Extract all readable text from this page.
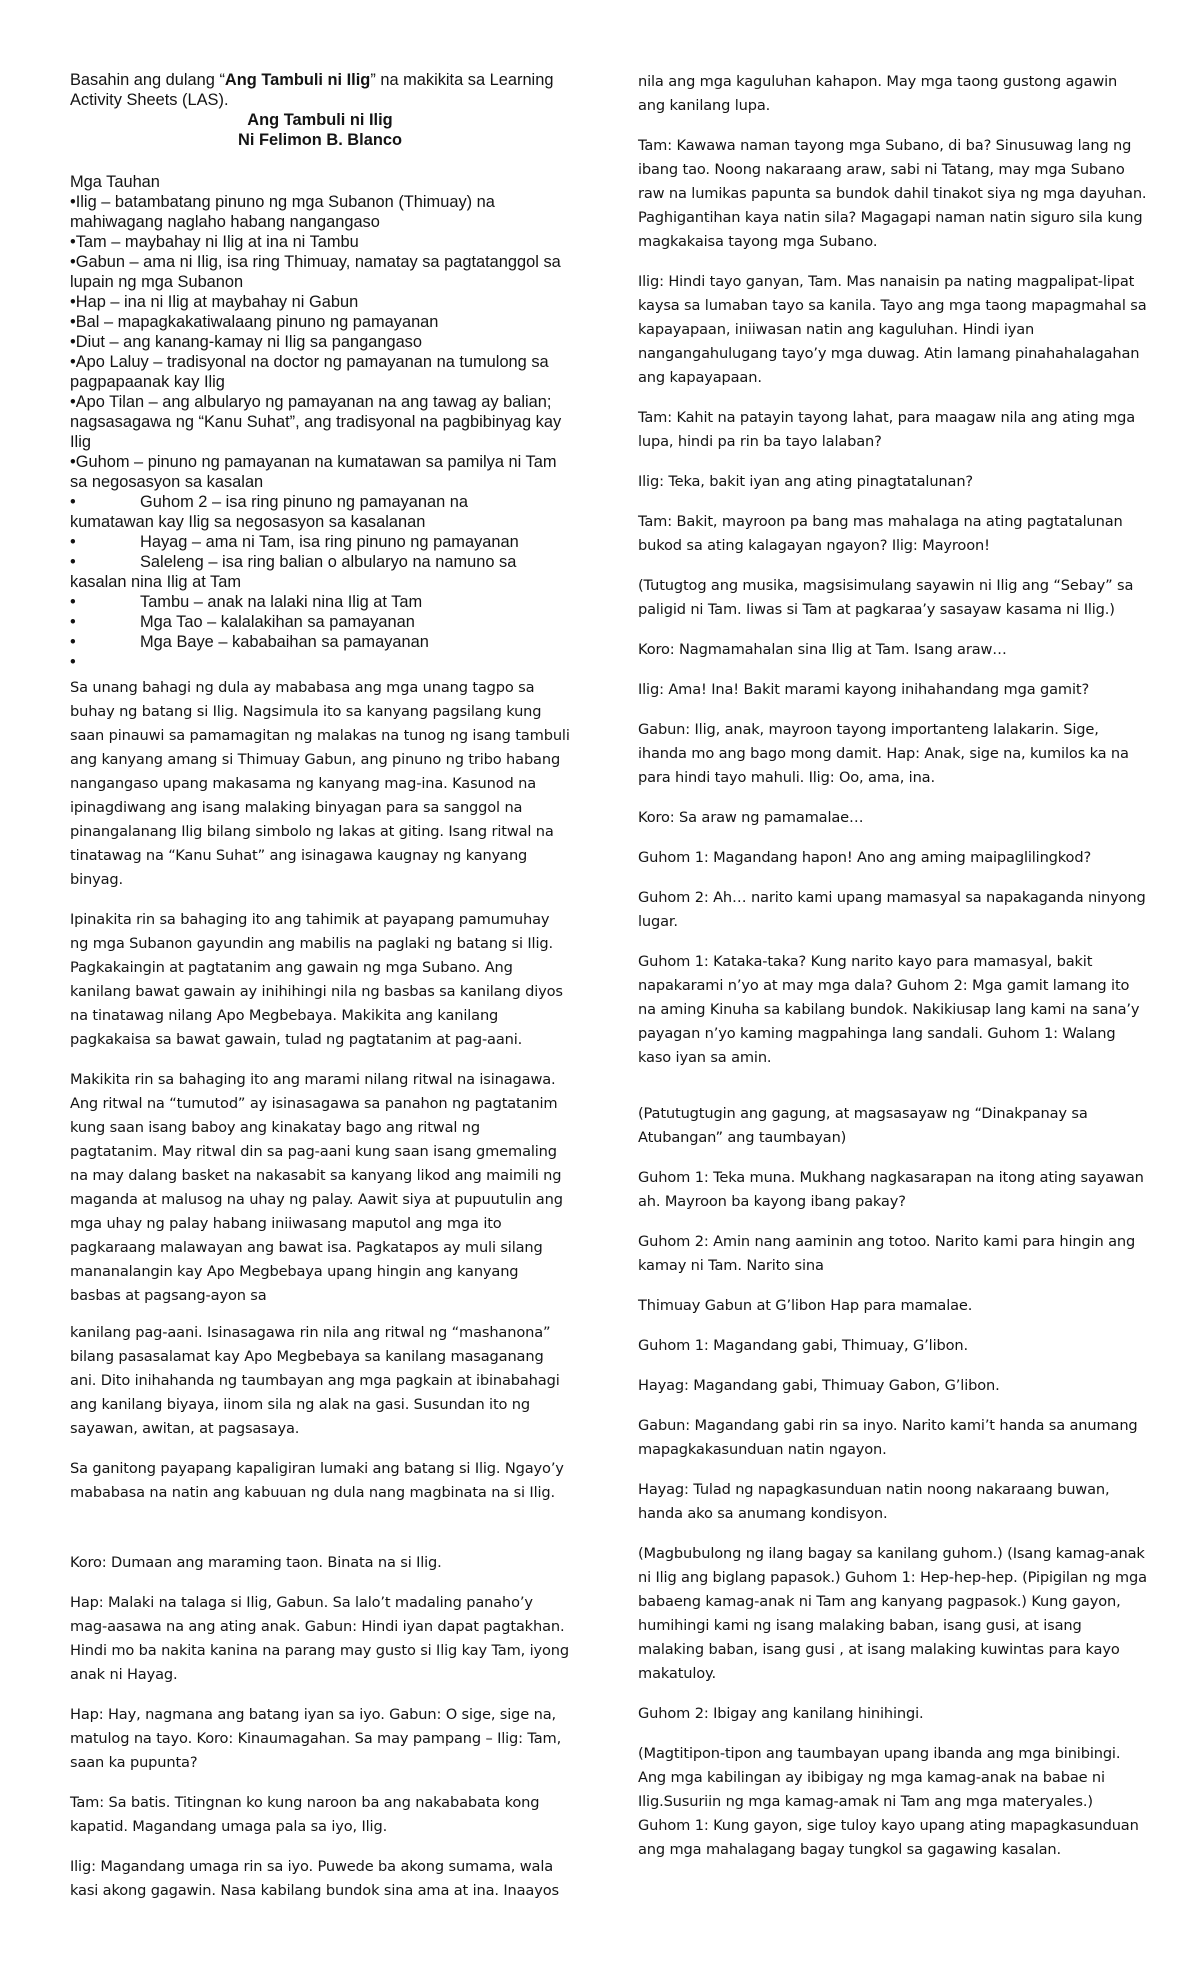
Basahin ang dulang “Ang Tambuli ni Ilig” na makikita sa Learning Activity Sheets (LAS).

Ang Tambuli ni Ilig

Ni Felimon B. Blanco

Mga Tauhan

•Ilig – batambatang pinuno ng mga Subanon (Thimuay) na mahiwagang naglaho habang nangangaso

•Tam – maybahay ni Ilig at ina ni Tambu

•Gabun – ama ni Ilig, isa ring Thimuay, namatay sa pagtatanggol sa lupain ng mga Subanon

•Hap – ina ni Ilig at maybahay ni Gabun

•Bal – mapagkakatiwalaang pinuno ng pamayanan

•Diut – ang kanang-kamay ni Ilig sa pangangaso

•Apo Laluy – tradisyonal na doctor ng pamayanan na tumulong sa pagpapaanak kay Ilig

•Apo Tilan – ang albularyo ng pamayanan na ang tawag ay balian; nagsasagawa ng “Kanu Suhat”, ang tradisyonal na pagbibinyag kay Ilig

•Guhom – pinuno ng pamayanan na kumatawan sa pamilya ni Tam sa negosasyon sa kasalan

•	Guhom 2 – isa ring pinuno ng pamayanan na
kumatawan kay Ilig sa negosasyon sa kasalanan
•	Hayag – ama ni Tam, isa ring pinuno ng pamayanan
•	Saleleng – isa ring balian o albularyo na namuno sa
kasalan nina Ilig at Tam
•	Tambu – anak na lalaki nina Ilig at Tam
•	Mga Tao – kalalakihan sa pamayanan
•	Mga Baye – kababaihan sa pamayanan
•

Sa unang bahagi ng dula ay mababasa ang mga unang tagpo sa buhay ng batang si Ilig. Nagsimula ito sa kanyang pagsilang kung saan pinauwi sa pamamagitan ng malakas na tunog ng isang tambuli ang kanyang amang si Thimuay Gabun, ang pinuno ng tribo habang nangangaso upang makasama ng kanyang mag-ina. Kasunod na ipinagdiwang ang isang malaking binyagan para sa sanggol na pinangalanang Ilig bilang simbolo ng lakas at giting. Isang ritwal na tinatawag na “Kanu Suhat” ang isinagawa kaugnay ng kanyang binyag.

Ipinakita rin sa bahaging ito ang tahimik at payapang pamumuhay ng mga Subanon gayundin ang mabilis na paglaki ng batang si Ilig. Pagkakaingin at pagtatanim ang gawain ng mga Subano. Ang kanilang bawat gawain ay inihihingi nila ng basbas sa kanilang diyos na tinatawag nilang Apo Megbebaya. Makikita ang kanilang pagkakaisa sa bawat gawain, tulad ng pagtatanim at pag-aani.

Makikita rin sa bahaging ito ang marami nilang ritwal na isinagawa. Ang ritwal na “tumutod” ay isinasagawa sa panahon ng pagtatanim kung saan isang baboy ang kinakatay bago ang ritwal ng pagtatanim. May ritwal din sa pag-aani kung saan isang gmemaling na may dalang basket na nakasabit sa kanyang likod ang maimili ng maganda at malusog na uhay ng palay. Aawit siya at pupuutulin ang mga uhay ng palay habang iniiwasang maputol ang mga ito pagkaraang malawayan ang bawat isa. Pagkatapos ay muli silang mananalangin kay Apo Megbebaya upang hingin ang kanyang basbas at pagsang-ayon sa

kanilang pag-aani. Isinasagawa rin nila ang ritwal ng “mashanona” bilang pasasalamat kay Apo Megbebaya sa kanilang masaganang ani. Dito inihahanda ng taumbayan ang mga pagkain at ibinabahagi ang kanilang biyaya, iinom sila ng alak na gasi. Susundan ito ng sayawan, awitan, at pagsasaya.

Sa ganitong payapang kapaligiran lumaki ang batang si Ilig. Ngayo’y mababasa na natin ang kabuuan ng dula nang magbinata na si Ilig.

Koro: Dumaan ang maraming taon. Binata na si Ilig.

Hap: Malaki na talaga si Ilig, Gabun. Sa lalo’t madaling panaho’y mag-aasawa na ang ating anak. Gabun: Hindi iyan dapat pagtakhan. Hindi mo ba nakita kanina na parang may gusto si Ilig kay Tam, iyong anak ni Hayag.

Hap: Hay, nagmana ang batang iyan sa iyo. Gabun: O sige, sige na, matulog na tayo. Koro: Kinaumagahan. Sa may pampang – Ilig: Tam, saan ka pupunta?

Tam: Sa batis. Titingnan ko kung naroon ba ang nakababata kong kapatid. Magandang umaga pala sa iyo, Ilig.

Ilig: Magandang umaga rin sa iyo. Puwede ba akong sumama, wala kasi akong gagawin. Nasa kabilang bundok sina ama at ina. Inaayos

nila ang mga kaguluhan kahapon. May mga taong gustong agawin ang kanilang lupa.

Tam: Kawawa naman tayong mga Subano, di ba? Sinusuwag lang ng ibang tao. Noong nakaraang araw, sabi ni Tatang, may mga Subano raw na lumikas papunta sa bundok dahil tinakot siya ng mga dayuhan. Paghigantihan kaya natin sila? Magagapi naman natin siguro sila kung magkakaisa tayong mga Subano.

Ilig: Hindi tayo ganyan, Tam. Mas nanaisin pa nating magpalipat-lipat kaysa sa lumaban tayo sa kanila. Tayo ang mga taong mapagmahal sa kapayapaan, iniiwasan natin ang kaguluhan. Hindi iyan nangangahulugang tayo’y mga duwag. Atin lamang pinahahalagahan ang kapayapaan.

Tam: Kahit na patayin tayong lahat, para maagaw nila ang ating mga lupa, hindi pa rin ba tayo lalaban?

Ilig: Teka, bakit iyan ang ating pinagtatalunan?

Tam: Bakit, mayroon pa bang mas mahalaga na ating pagtatalunan bukod sa ating kalagayan ngayon? Ilig: Mayroon!

(Tutugtog ang musika, magsisimulang sayawin ni Ilig ang “Sebay” sa paligid ni Tam. Iiwas si Tam at pagkaraa’y sasayaw kasama ni Ilig.)

Koro: Nagmamahalan sina Ilig at Tam. Isang araw…

Ilig: Ama! Ina! Bakit marami kayong inihahandang mga gamit?

Gabun: Ilig, anak, mayroon tayong importanteng lalakarin. Sige, ihanda mo ang bago mong damit. Hap: Anak, sige na, kumilos ka na para hindi tayo mahuli. Ilig: Oo, ama, ina.

Koro: Sa araw ng pamamalae…

Guhom 1: Magandang hapon! Ano ang aming maipaglilingkod?

Guhom 2: Ah… narito kami upang mamasyal sa napakaganda ninyong lugar.

Guhom 1: Kataka-taka? Kung narito kayo para mamasyal, bakit napakarami n’yo at may mga dala? Guhom 2: Mga gamit lamang ito na aming Kinuha sa kabilang bundok. Nakikiusap lang kami na sana’y payagan n’yo kaming magpahinga lang sandali. Guhom 1: Walang kaso iyan sa amin.

(Patutugtugin ang gagung, at magsasayaw ng “Dinakpanay sa Atubangan” ang taumbayan)

Guhom 1: Teka muna. Mukhang nagkasarapan na itong ating sayawan ah. Mayroon ba kayong ibang pakay?

Guhom 2: Amin nang aaminin ang totoo. Narito kami para hingin ang kamay ni Tam. Narito sina

Thimuay Gabun at G’libon Hap para mamalae.

Guhom 1: Magandang gabi, Thimuay, G’libon.

Hayag: Magandang gabi, Thimuay Gabon, G’libon.

Gabun: Magandang gabi rin sa inyo. Narito kami’t handa sa anumang mapagkakasunduan natin ngayon.

Hayag: Tulad ng napagkasunduan natin noong nakaraang buwan, handa ako sa anumang kondisyon.

(Magbubulong ng ilang bagay sa kanilang guhom.) (Isang kamag-anak ni Ilig ang biglang papasok.) Guhom 1: Hep-hep-hep. (Pipigilan ng mga babaeng kamag-anak ni Tam ang kanyang pagpasok.) Kung gayon, humihingi kami ng isang malaking baban, isang gusi, at isang malaking baban, isang gusi , at isang malaking kuwintas para kayo makatuloy.

Guhom 2: Ibigay ang kanilang hinihingi.

(Magtitipon-tipon ang taumbayan upang ibanda ang mga binibingi. Ang mga kabilingan ay ibibigay ng mga kamag-anak na babae ni Ilig.Susuriin ng mga kamag-amak ni Tam ang mga materyales.) Guhom 1: Kung gayon, sige tuloy kayo upang ating mapagkasunduan ang mga mahalagang bagay tungkol sa gagawing kasalan.
